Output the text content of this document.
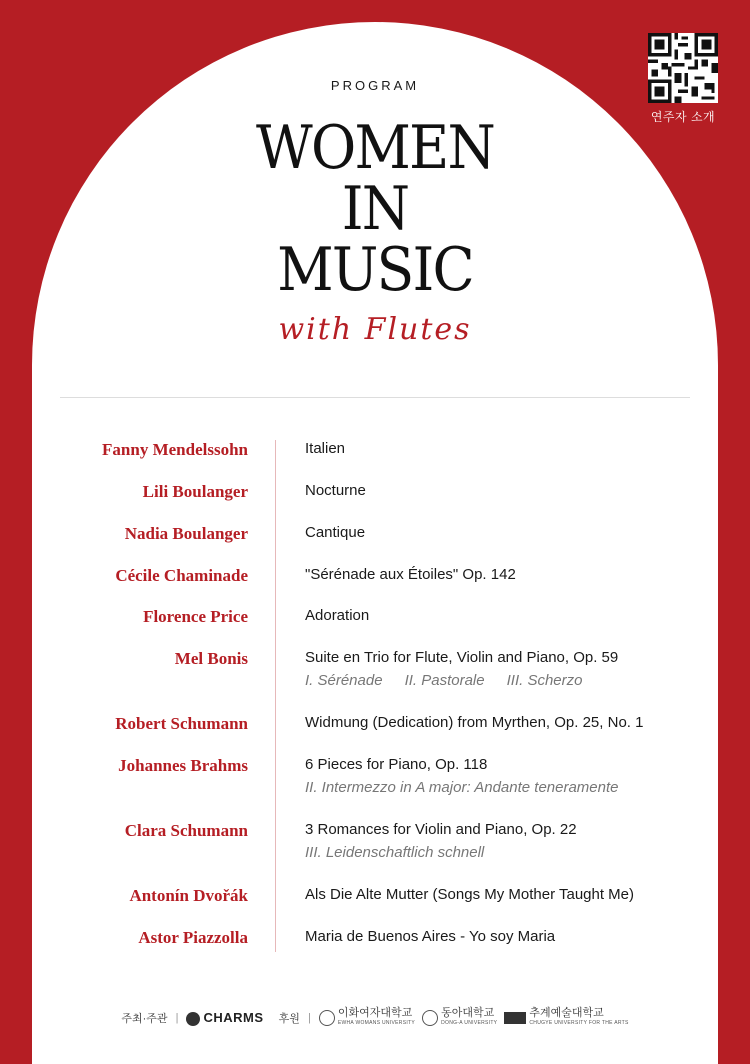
연주자 소개
PROGRAM
WOMEN
IN
MUSIC
with Flutes
Fanny Mendelssohn	Italien
Lili Boulanger	Nocturne
Nadia Boulanger	Cantique
Cécile Chaminade	"Sérénade aux Étoiles" Op. 142
Florence Price	Adoration
Mel Bonis	Suite en Trio for Flute, Violin and Piano, Op. 59
I. Sérénade II. Pastorale III. Scherzo
Robert Schumann	Widmung (Dedication) from Myrthen, Op. 25, No. 1
Johannes Brahms	6 Pieces for Piano, Op. 118
II. Intermezzo in A major: Andante teneramente
Clara Schumann	3 Romances for Violin and Piano, Op. 22
III. Leidenschaftlich schnell
Antonín Dvořák	Als Die Alte Mutter (Songs My Mother Taught Me)
Astor Piazzolla	Maria de Buenos Aires - Yo soy Maria
주최·주관 | CHARMS 후원 | 이화여자대학교
EWHA WOMANS UNIVERSITY
동아대학교
DONG-A UNIVERSITY
추계예술대학교
CHUGYE UNIVERSITY FOR THE ARTS
